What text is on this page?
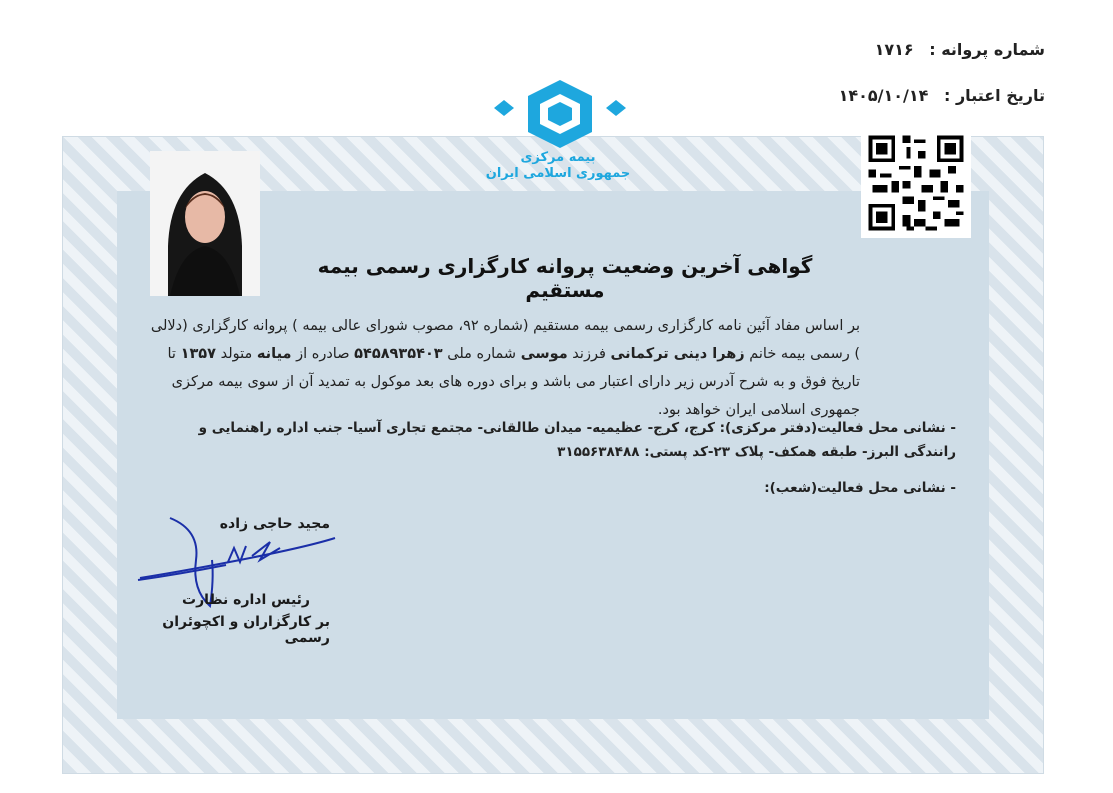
شماره پروانه : ۱۷۱۶
تاریخ اعتبار : ۱۴۰۵/۱۰/۱۴
بیمه مرکزی
جمهوری اسلامی ایران
گواهی آخرین وضعیت پروانه کارگزاری رسمی بیمه مستقیم
بر اساس مفاد آئین نامه کارگزاری رسمی بیمه مستقیم (شماره ۹۲، مصوب شورای عالی بیمه ) پروانه کارگزاری (دلالی ) رسمی بیمه خانم زهرا دینی ترکمانی فرزند موسی شماره ملی ۵۴۵۸۹۳۵۴۰۳ صادره از میانه متولد ۱۳۵۷ تا تاریخ فوق و به شرح آدرس زیر دارای اعتبار می باشد و برای دوره های بعد موکول به تمدید آن از سوی بیمه مرکزی جمهوری اسلامی ایران خواهد بود.
- نشانی محل فعالیت(دفتر مرکزی): کرج، کرج- عظیمیه- میدان طالقانی- مجتمع تجاری آسیا- جنب اداره راهنمایی و رانندگی البرز- طبقه همکف- پلاک ۲۳-کد پستی: ۳۱۵۵۶۳۸۴۸۸
- نشانی محل فعالیت(شعب):
مجید حاجی زاده
رئیس اداره نظارت
بر کارگزاران و اکچوئران رسمی
